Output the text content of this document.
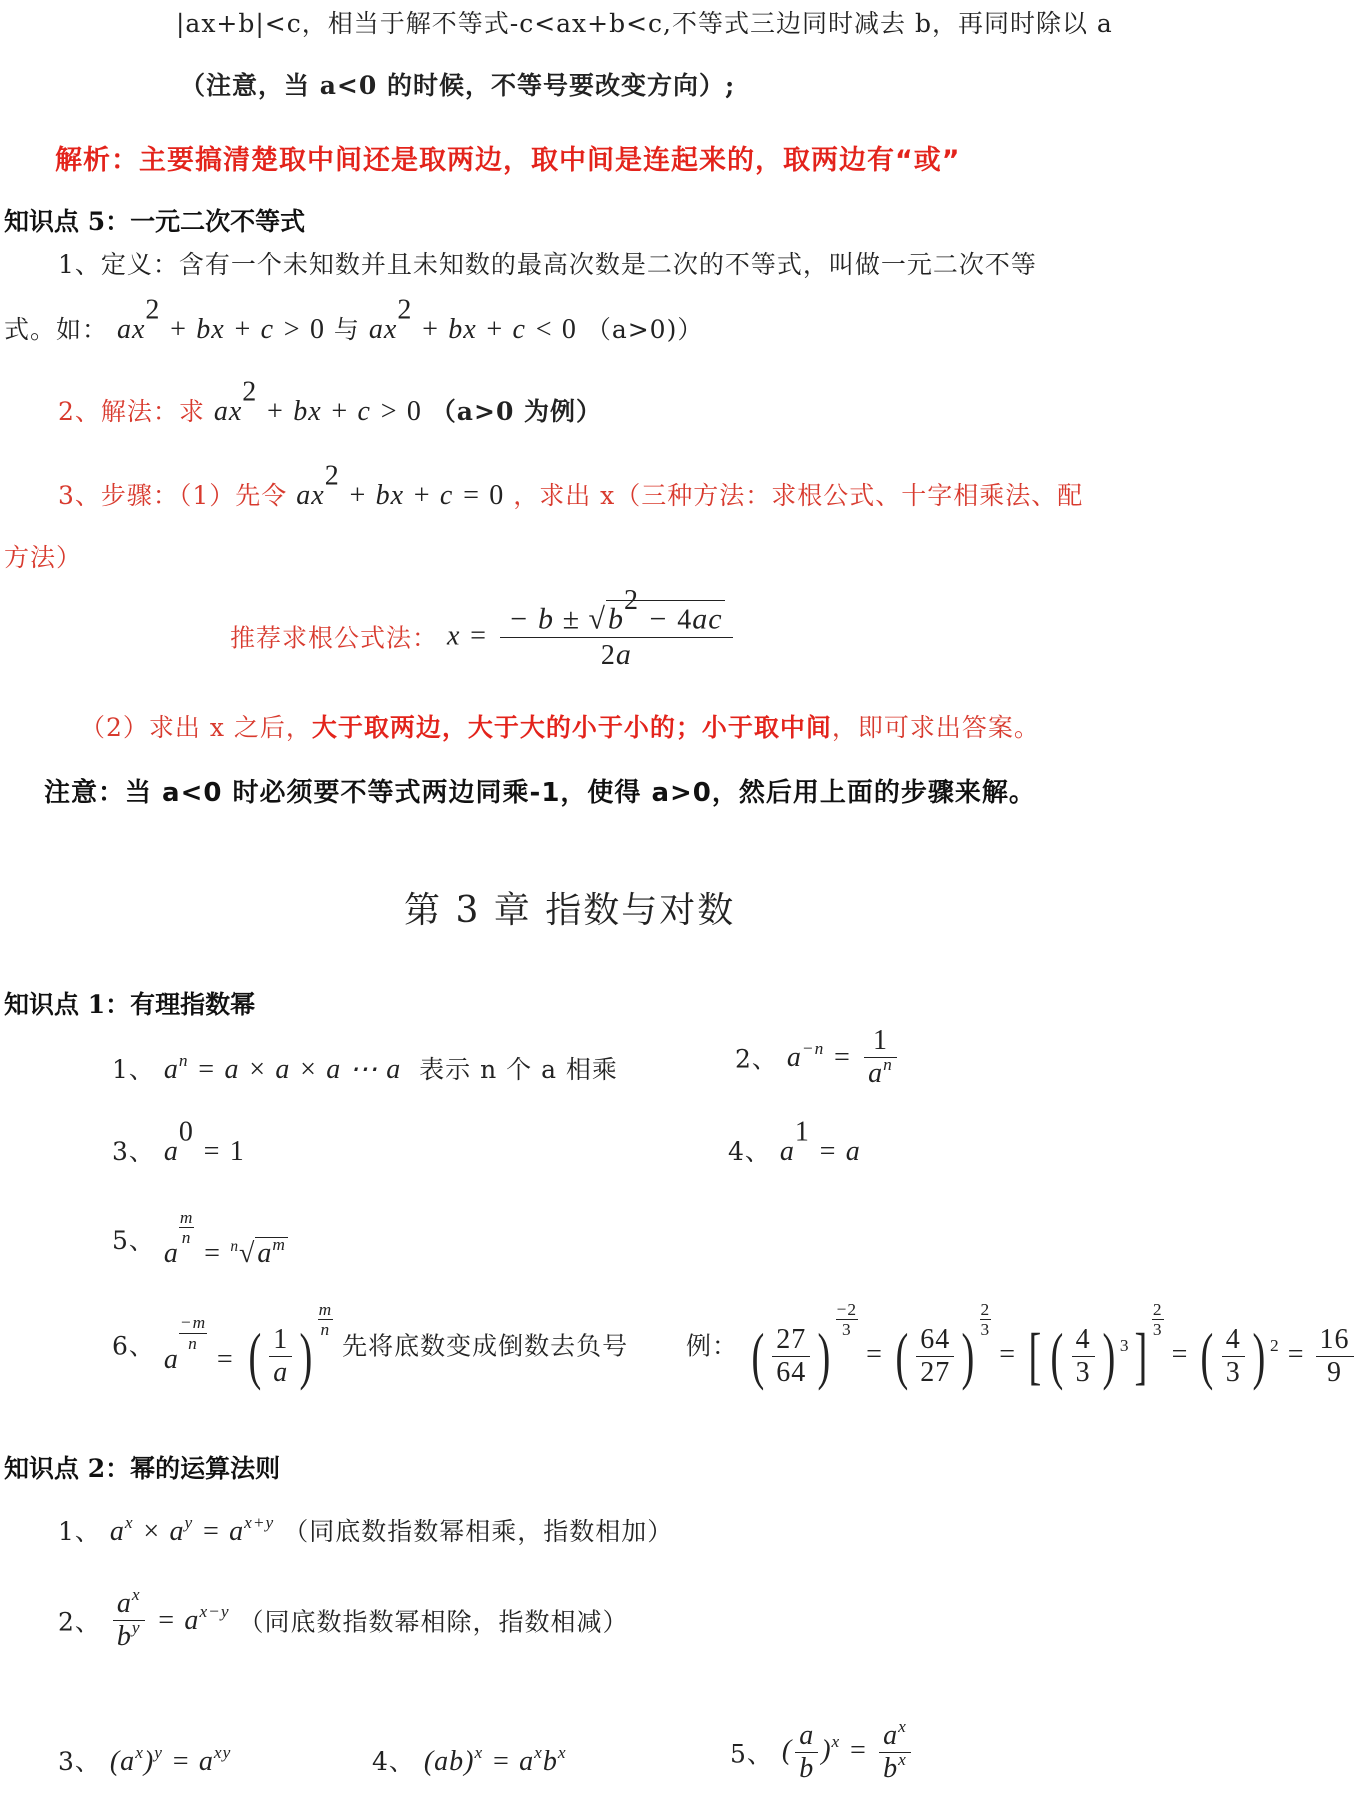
|ax+b|<c，相当于解不等式-c<ax+b<c,不等式三边同时减去 b，再同时除以 a
（注意，当 a<0 的时候，不等号要改变方向）;
解析：主要搞清楚取中间还是取两边，取中间是连起来的，取两边有“或”
知识点 5：一元二次不等式
1、定义：含有一个未知数并且未知数的最高次数是二次的不等式，叫做一元二次不等
式。如： $ax^2$ + bx + c > 0 与 $ax^2$ + bx + c < 0 （a>0)）
2、解法：求 $ax^2$ + bx + c > 0 （a>0 为例）
3、步骤：（1）先令 $ax^2$ + bx + c = 0 ，求出 x（三种方法：求根公式、十字相乘法、配
方法）
推荐求根公式法： $x = \frac{- b \pm √b^2 - 4ac}{2a}$
（2）求出 x 之后，大于取两边，大于大的小于小的；小于取中间，即可求出答案。
注意：当 a<0 时必须要不等式两边同乘-1，使得 a>0，然后用上面的步骤来解。
第 3 章 指数与对数
知识点 1：有理指数幂
1、 $a^n = a \times a \times a$ ⋯ a 表示 n 个 a 相乘	2、 $a^{-n} = \frac{1}{a^n}$
3、 $a^0 = 1$	4、 $a^1 = a$
5、 a
$\frac{m}{n}$
= $^n√a^m$
6、 a
$\frac{-m}{n}$
= ( $\frac{1}{a}$ )
$\frac{m}{n}$
先将底数变成倒数去负号 例： ( $\frac{27}{64}$ )
$\frac{-2}{3}$
= ( $\frac{64}{27}$ )
$\frac{2}{3}$
= [ ( $\frac{4}{3}$ ) $^3$]
$\frac{2}{3}$
= ( $\frac{4}{3}$ ) $^2 = \frac{16}{9}$
知识点 2：幂的运算法则
1、 $a^x \times a^y = a^{x+y}$ （同底数指数幂相乘，指数相加）
2、 $\frac{a^x}{b^y} = a^{x-y}$ （同底数指数幂相除，指数相减）
3、 $(a^x)^y = a^{xy}$	4、 $(ab)^x = a^xb^x$	5、 ( $\frac{a}{b} )^x = \frac{a^x}{b^x}$
